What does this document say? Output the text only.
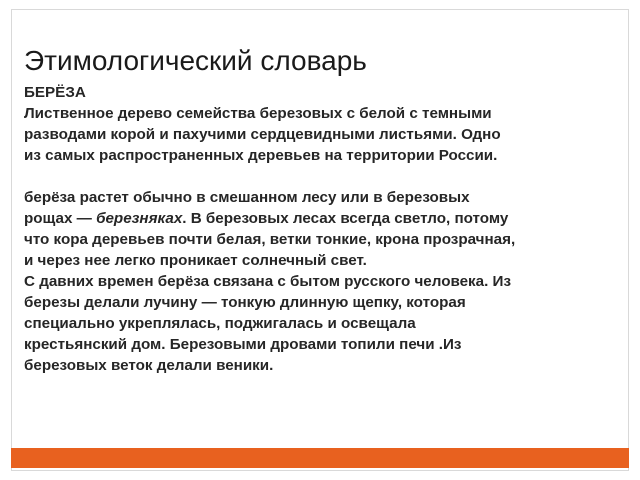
Этимологический словарь

БЕРЁЗА

Лиственное дерево семейства березовых с белой с темными
разводами корой и пахучими сердцевидными листьями. Одно
из самых распространенных деревьев на территории России.

берёза растет обычно в смешанном лесу или в березовых
рощах — березняках. В березовых лесах всегда светло, потому
что кора деревьев почти белая, ветки тонкие, крона прозрачная,
и через нее легко проникает солнечный свет.

С давних времен берёза связана с бытом русского человека. Из
березы делали лучину — тонкую длинную щепку, которая
специально укреплялась, поджигалась и освещала
крестьянский дом. Березовыми дровами топили печи .Из
березовых веток делали веники.
